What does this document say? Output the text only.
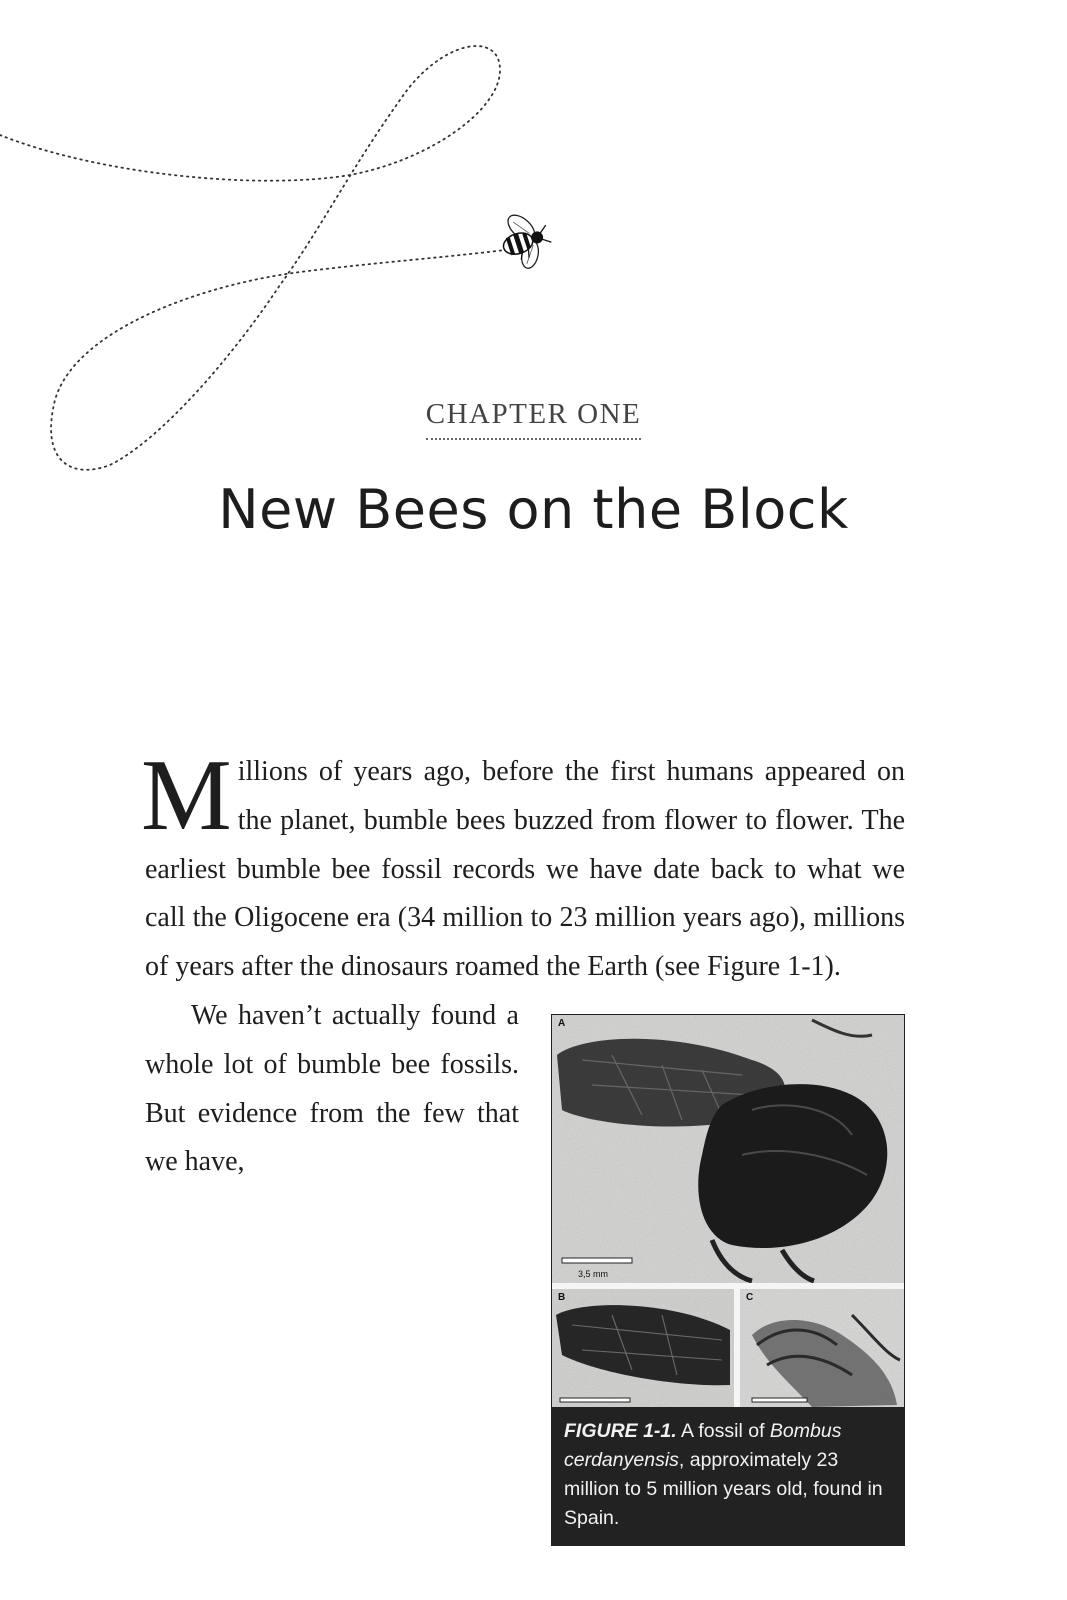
CHAPTER ONE
New Bees on the Block

M illions of years ago, before the first humans appeared on the planet, bumble bees buzzed from flower to flower. The earliest bumble bee fossil records we have date back to what we call the Oligocene era (34 million to 23 million years ago), millions of years after the dinosaurs roamed the Earth (see Figure 1-1).

3,5 mm
A
B	C
FIGURE 1-1. A fossil of Bombus cerdanyensis, approximately 23 million to 5 million years old, found in Spain.

We haven’t actually found a whole lot of bumble bee fossils. But evidence from the few that we have,
